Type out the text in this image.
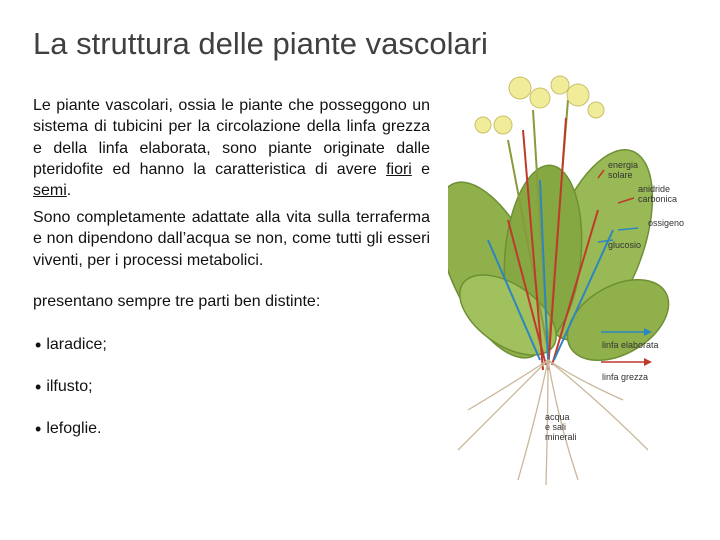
La struttura delle piante vascolari

Le piante vascolari, ossia le piante che posseggono un sistema di tubicini per la circolazione della linfa grezza e della linfa elaborata, sono piante originate dalle pteridofite ed hanno la caratteristica di avere fiori e semi.

Sono completamente adattate alla vita sulla terraferma e non dipendono dall’acqua se non, come tutti gli esseri viventi, per i processi metabolici.

presentano sempre tre parti ben distinte:

• la radice ;
• il fusto ;
• le foglie .
energia
solare
anidride
carbonica
ossigeno
glucosio
linfa elaborata
linfa grezza
acqua
e sali
minerali
